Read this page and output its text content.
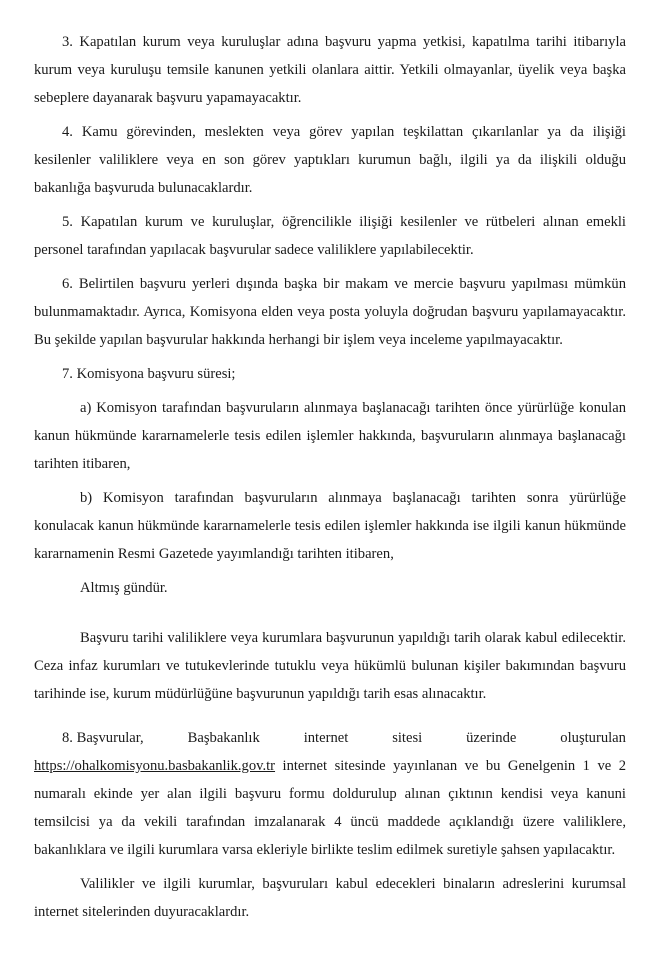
3. Kapatılan kurum veya kuruluşlar adına başvuru yapma yetkisi, kapatılma tarihi itibarıyla kurum veya kuruluşu temsile kanunen yetkili olanlara aittir. Yetkili olmayanlar, üyelik veya başka sebeplere dayanarak başvuru yapamayacaktır.

4. Kamu görevinden, meslekten veya görev yapılan teşkilattan çıkarılanlar ya da ilişiği kesilenler valiliklere veya en son görev yaptıkları kurumun bağlı, ilgili ya da ilişkili olduğu bakanlığa başvuruda bulunacaklardır.

5. Kapatılan kurum ve kuruluşlar, öğrencilikle ilişiği kesilenler ve rütbeleri alınan emekli personel tarafından yapılacak başvurular sadece valiliklere yapılabilecektir.

6. Belirtilen başvuru yerleri dışında başka bir makam ve mercie başvuru yapılması mümkün bulunmamaktadır. Ayrıca, Komisyona elden veya posta yoluyla doğrudan başvuru yapılamayacaktır. Bu şekilde yapılan başvurular hakkında herhangi bir işlem veya inceleme yapılmayacaktır.

7. Komisyona başvuru süresi;

a) Komisyon tarafından başvuruların alınmaya başlanacağı tarihten önce yürürlüğe konulan kanun hükmünde kararnamelerle tesis edilen işlemler hakkında, başvuruların alınmaya başlanacağı tarihten itibaren,

b) Komisyon tarafından başvuruların alınmaya başlanacağı tarihten sonra yürürlüğe konulacak kanun hükmünde kararnamelerle tesis edilen işlemler hakkında ise ilgili kanun hükmünde kararnamenin Resmi Gazetede yayımlandığı tarihten itibaren,

Altmış gündür.

Başvuru tarihi valiliklere veya kurumlara başvurunun yapıldığı tarih olarak kabul edilecektir. Ceza infaz kurumları ve tutukevlerinde tutuklu veya hükümlü bulunan kişiler bakımından başvuru tarihinde ise, kurum müdürlüğüne başvurunun yapıldığı tarih esas alınacaktır.

8. Başvurular,	Başbakanlık	internet	sitesi	üzerinde	oluşturulan

https://ohalkomisyonu.basbakanlik.gov.tr internet sitesinde yayınlanan ve bu Genelgenin 1 ve 2 numaralı ekinde yer alan ilgili başvuru formu doldurulup alınan çıktının kendisi veya kanuni temsilcisi ya da vekili tarafından imzalanarak 4 üncü maddede açıklandığı üzere valiliklere, bakanlıklara ve ilgili kurumlara varsa ekleriyle birlikte teslim edilmek suretiyle şahsen yapılacaktır.

Valilikler ve ilgili kurumlar, başvuruları kabul edecekleri binaların adreslerini kurumsal internet sitelerinden duyuracaklardır.
